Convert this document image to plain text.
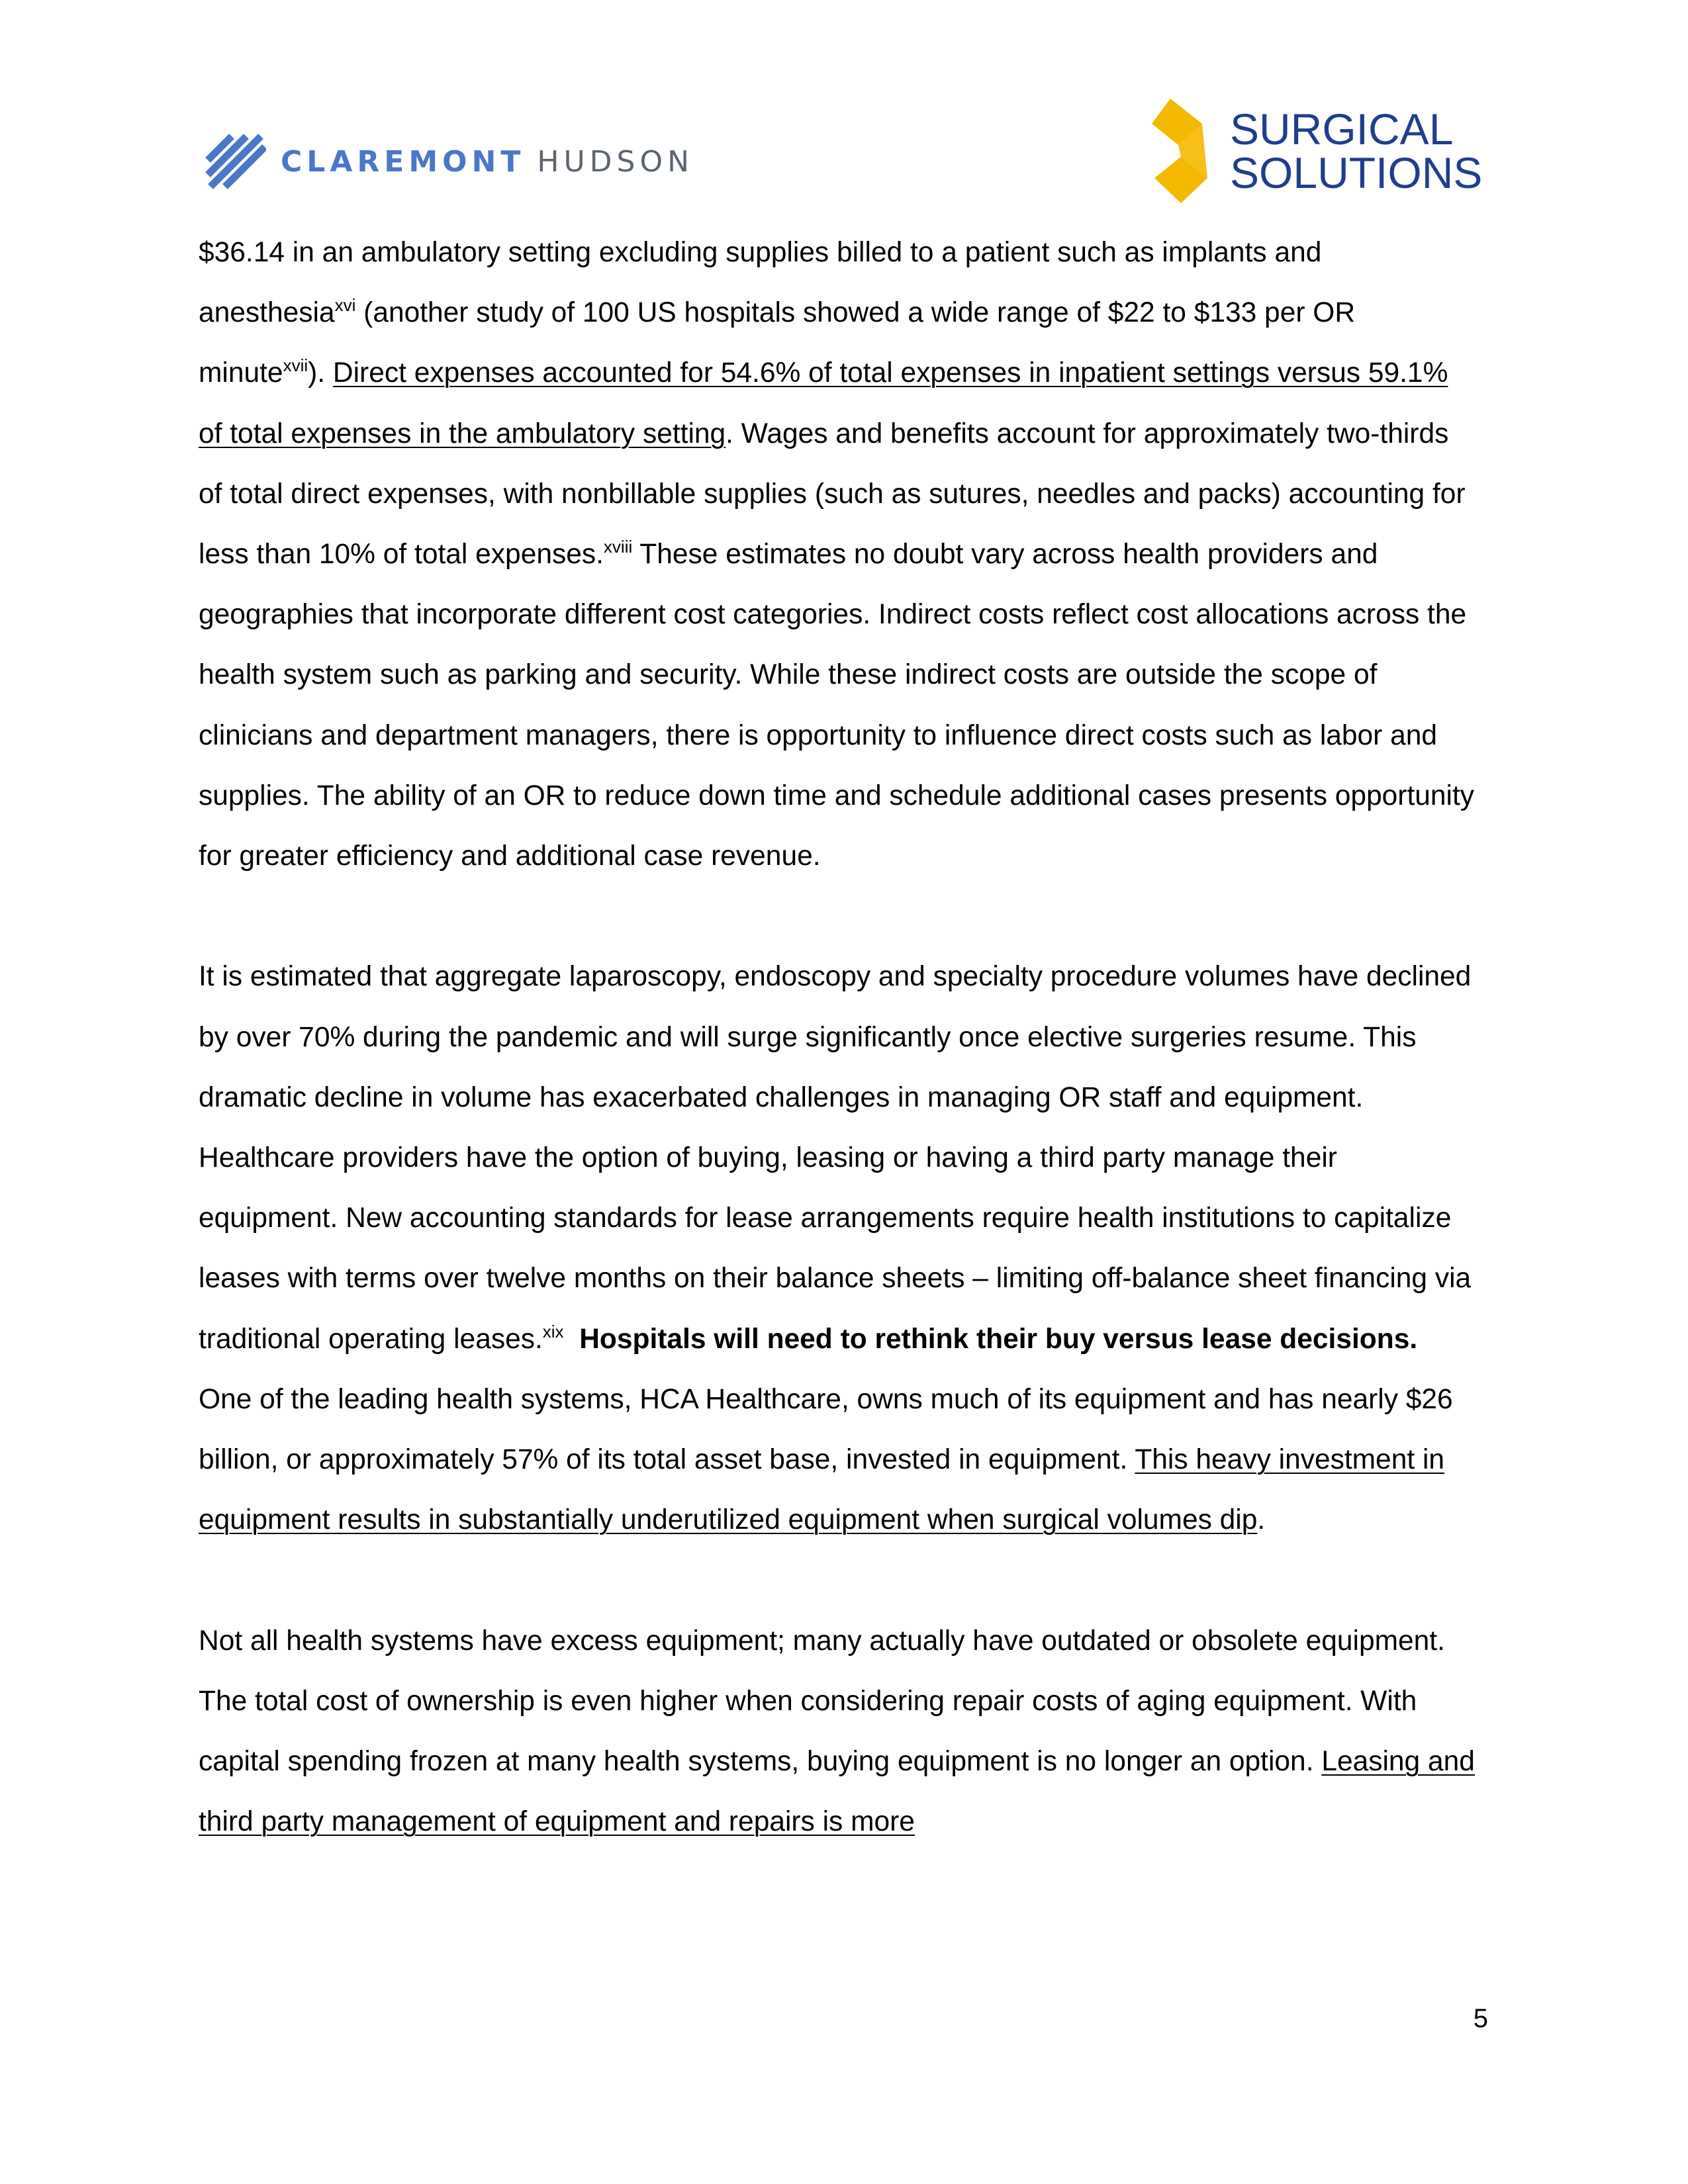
CLAREMONT HUDSON
SURGICAL
SOLUTIONS

$36.14 in an ambulatory setting excluding supplies billed to a patient such as implants and anesthesia$^{xvi}$ (another study of 100 US hospitals showed a wide range of $22 to $133 per OR minute$^{xvii}$). Direct expenses accounted for 54.6% of total expenses in inpatient settings versus 59.1% of total expenses in the ambulatory setting. Wages and benefits account for approximately two-thirds of total direct expenses, with nonbillable supplies (such as sutures, needles and packs) accounting for less than 10% of total expenses.$^{xviii}$ These estimates no doubt vary across health providers and geographies that incorporate different cost categories. Indirect costs reflect cost allocations across the health system such as parking and security. While these indirect costs are outside the scope of clinicians and department managers, there is opportunity to influence direct costs such as labor and supplies. The ability of an OR to reduce down time and schedule additional cases presents opportunity for greater efficiency and additional case revenue.

It is estimated that aggregate laparoscopy, endoscopy and specialty procedure volumes have declined by over 70% during the pandemic and will surge significantly once elective surgeries resume. This dramatic decline in volume has exacerbated challenges in managing OR staff and equipment. Healthcare providers have the option of buying, leasing or having a third party manage their equipment. New accounting standards for lease arrangements require health institutions to capitalize leases with terms over twelve months on their balance sheets – limiting off-balance sheet financing via traditional operating leases.$^{xix}$ Hospitals will need to rethink their buy versus lease decisions. One of the leading health systems, HCA Healthcare, owns much of its equipment and has nearly $26 billion, or approximately 57% of its total asset base, invested in equipment. This heavy investment in equipment results in substantially underutilized equipment when surgical volumes dip.

Not all health systems have excess equipment; many actually have outdated or obsolete equipment. The total cost of ownership is even higher when considering repair costs of aging equipment. With capital spending frozen at many health systems, buying equipment is no longer an option. Leasing and third party management of equipment and repairs is more

5
